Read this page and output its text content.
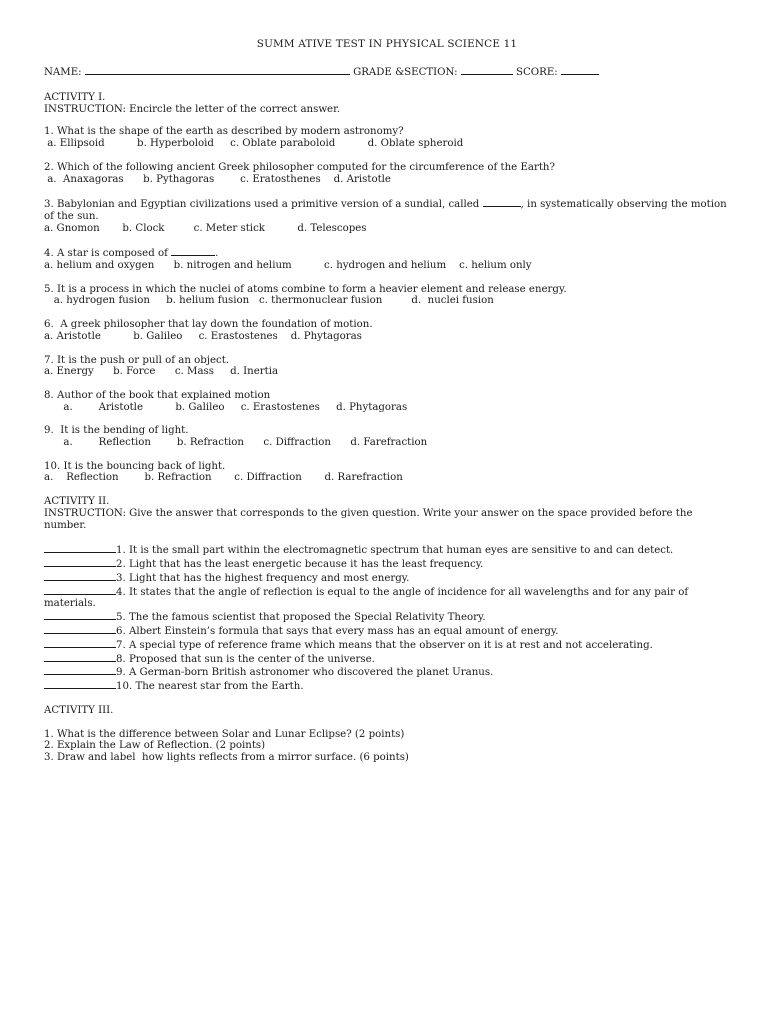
SUMM ATIVE TEST IN PHYSICAL SCIENCE 11
NAME:	GRADE &SECTION:	SCORE:
ACTIVITY I.
INSTRUCTION: Encircle the letter of the correct answer.
1. What is the shape of the earth as described by modern astronomy?
a. Ellipsoid          b. Hyperboloid     c. Oblate paraboloid          d. Oblate spheroid
2. Which of the following ancient Greek philosopher computed for the circumference of the Earth?
a.  Anaxagoras      b. Pythagoras        c. Eratosthenes    d. Aristotle
3. Babylonian and Egyptian civilizations used a primitive version of a sundial, called	, in systematically observing the motion of the sun.
a. Gnomon       b. Clock         c. Meter stick          d. Telescopes
4. A star is composed of	.
a. helium and oxygen      b. nitrogen and helium          c. hydrogen and helium    c. helium only
5. It is a process in which the nuclei of atoms combine to form a heavier element and release energy.
a. hydrogen fusion     b. helium fusion   c. thermonuclear fusion         d.  nuclei fusion
6.  A greek philosopher that lay down the foundation of motion.
a. Aristotle          b. Galileo     c. Erastostenes    d. Phytagoras
7. It is the push or pull of an object.
a. Energy      b. Force      c. Mass     d. Inertia
8. Author of the book that explained motion
a.        Aristotle          b. Galileo     c. Erastostenes     d. Phytagoras
9.  It is the bending of light.
a.        Reflection        b. Refraction      c. Diffraction      d. Farefraction
10. It is the bouncing back of light.
a.    Reflection        b. Refraction       c. Diffraction       d. Rarefraction
ACTIVITY II.
INSTRUCTION: Give the answer that corresponds to the given question. Write your answer on the space provided before the number.
1. It is the small part within the electromagnetic spectrum that human eyes are sensitive to and can detect.
2. Light that has the least energetic because it has the least frequency.
3. Light that has the highest frequency and most energy.
4. It states that the angle of reflection is equal to the angle of incidence for all wavelengths and for any pair of materials.
5. The the famous scientist that proposed the Special Relativity Theory.
6. Albert Einstein’s formula that says that every mass has an equal amount of energy.
7. A special type of reference frame which means that the observer on it is at rest and not accelerating.
8. Proposed that sun is the center of the universe.
9. A German-born British astronomer who discovered the planet Uranus.
10. The nearest star from the Earth.
ACTIVITY III.
1. What is the difference between Solar and Lunar Eclipse? (2 points)
2. Explain the Law of Reflection. (2 points)
3. Draw and label  how lights reflects from a mirror surface. (6 points)
